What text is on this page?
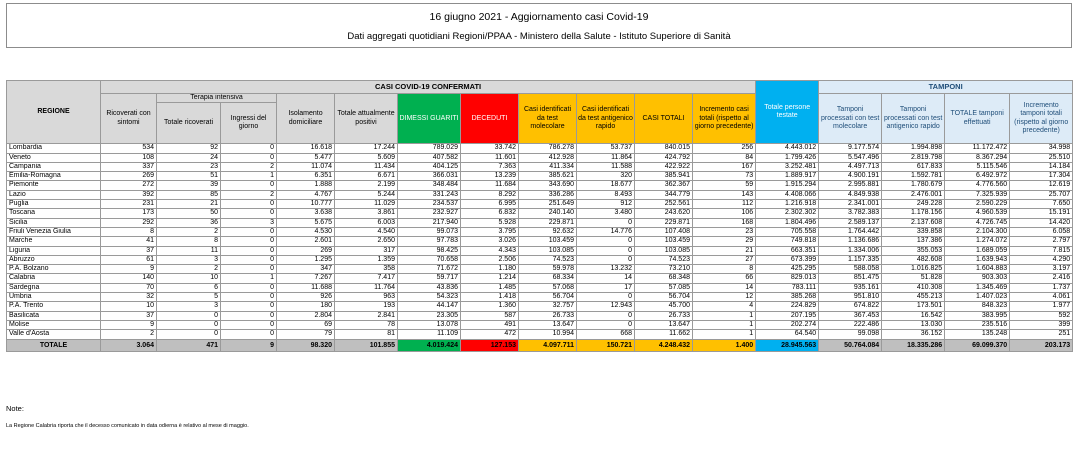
16 giugno 2021 - Aggiornamento casi Covid-19
Dati aggregati quotidiani Regioni/PPAA - Ministero della Salute - Istituto Superiore di Sanità
REGIONE	CASI COVID-19 CONFERMATI											Totale persone testate	TAMPONI			
	Ricoverati con sintomi	Terapia intensiva		Isolamento domiciliare	Totale attualmente positivi	DIMESSI GUARITI	DECEDUTI	Casi identificati da test molecolare	Casi identificati da test antigenico rapido	CASI TOTALI	Incremento casi totali (rispetto al giorno precedente)		Tamponi processati con test molecolare	Tamponi processati con test antigenico rapido	TOTALE tamponi effettuati	Incremento tamponi totali (rispetto al giorno precedente)
		Totale ricoverati	Ingressi del giorno													
Lombardia	534	92	0	16.618	17.244	789.029	33.742	786.278	53.737	840.015	256	4.443.012	9.177.574	1.994.898	11.172.472	34.998
Veneto	108	24	0	5.477	5.609	407.582	11.601	412.928	11.864	424.792	84	1.799.426	5.547.496	2.819.798	8.367.294	25.510
Campania	337	23	2	11.074	11.434	404.125	7.363	411.334	11.588	422.922	167	3.252.481	4.497.713	617.833	5.115.546	14.184
Emilia-Romagna	269	51	1	6.351	6.671	366.031	13.239	385.621	320	385.941	73	1.889.917	4.900.191	1.592.781	6.492.972	17.304
Piemonte	272	39	0	1.888	2.199	348.484	11.684	343.690	18.677	362.367	59	1.915.294	2.995.881	1.780.679	4.776.560	12.619
Lazio	392	85	2	4.767	5.244	331.243	8.292	336.286	8.493	344.779	143	4.408.066	4.849.938	2.476.001	7.325.939	25.707
Puglia	231	21	0	10.777	11.029	234.537	6.995	251.649	912	252.561	112	1.216.918	2.341.001	249.228	2.590.229	7.650
Toscana	173	50	0	3.638	3.861	232.927	6.832	240.140	3.480	243.620	106	2.302.302	3.782.383	1.178.156	4.960.539	15.191
Sicilia	292	36	3	5.675	6.003	217.940	5.928	229.871	0	229.871	168	1.804.496	2.589.137	2.137.608	4.726.745	14.420
Friuli Venezia Giulia	8	2	0	4.530	4.540	99.073	3.795	92.632	14.776	107.408	23	705.558	1.764.442	339.858	2.104.300	6.058
Marche	41	8	0	2.601	2.650	97.783	3.026	103.459	0	103.459	29	749.818	1.136.686	137.386	1.274.072	2.797
Liguria	37	11	0	269	317	98.425	4.343	103.085	0	103.085	21	663.351	1.334.006	355.053	1.689.059	7.815
Abruzzo	61	3	0	1.295	1.359	70.658	2.506	74.523	0	74.523	27	673.399	1.157.335	482.608	1.639.943	4.290
P.A. Bolzano	9	2	0	347	358	71.672	1.180	59.978	13.232	73.210	8	425.295	588.058	1.016.825	1.604.883	3.197
Calabria	140	10	1	7.267	7.417	59.717	1.214	68.334	14	68.348	66	829.013	851.475	51.828	903.303	2.416
Sardegna	70	6	0	11.688	11.764	43.836	1.485	57.068	17	57.085	14	783.111	935.161	410.308	1.345.469	1.737
Umbria	32	5	0	926	963	54.323	1.418	56.704	0	56.704	12	385.268	951.810	455.213	1.407.023	4.061
P.A. Trento	10	3	0	180	193	44.147	1.360	32.757	12.943	45.700	4	224.829	674.822	173.501	848.323	1.977
Basilicata	37	0	0	2.804	2.841	23.305	587	26.733	0	26.733	1	207.195	367.453	16.542	383.995	592
Molise	9	0	0	69	78	13.078	491	13.647	0	13.647	1	202.274	222.486	13.030	235.516	399
Valle d'Aosta	2	0	0	79	81	11.109	472	10.994	668	11.662	1	64.540	99.098	36.152	135.248	251
TOTALE	3.064	471	9	98.320	101.855	4.019.424	127.153	4.097.711	150.721	4.248.432	1.400	28.945.563	50.764.084	18.335.286	69.099.370	203.173
Note:
La Regione Calabria riporta che il decesso comunicato in data odierna è relativo al mese di maggio.
